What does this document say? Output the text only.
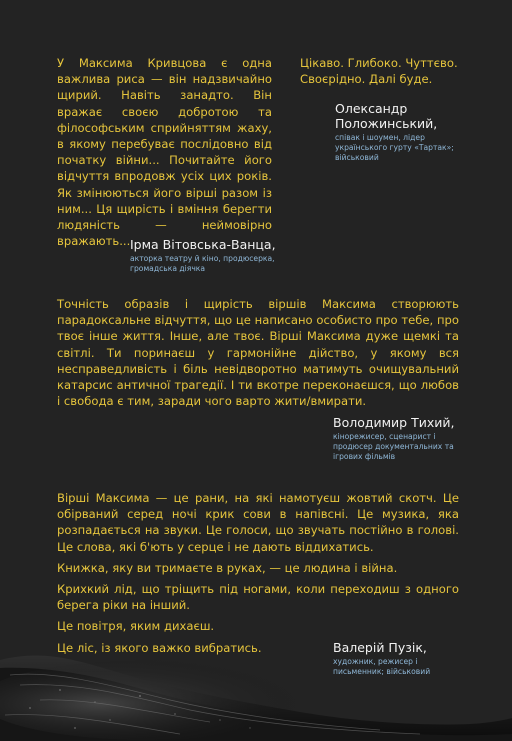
У Максима Кривцова є одна важлива риса — він надзвичайно щирий. Навіть занадто. Він вражає своєю добротою та філософським сприйняттям жаху, в якому перебуває послідовно від початку війни... Почитайте його відчуття впродовж усіх цих років. Як змінюються його вірші разом із ним... Ця щирість і вміння берегти людяність — неймовірно вражають... Ірма Вітовська-Ванца,
акторка театру й кіно, продюсерка, громадська діячка

Цікаво. Глибоко. Чуттєво. Своєрідно. Далі буде.

Олександр
Положинський,
співак і шоумен, лідер українського гурту «Тартак»; військовий

Точність образів і щирість віршів Максима створюють парадоксальне відчуття, що це написано особисто про тебе, про твоє інше життя. Інше, але твоє. Вірші Максима дуже щемкі та світлі. Ти поринаєш у гармонійне дійство, у якому вся несправедливість і біль невідворотно матимуть очищувальний катарсис античної трагедії. І ти вкотре переконаєшся, що любов і свобода є тим, заради чого варто жити/вмирати.

Володимир Тихий,
кінорежисер, сценарист і продюсер документальних та ігрових фільмів

Вірші Максима — це рани, на які намотуєш жовтий скотч. Це обірваний серед ночі крик сови в напівсні. Це музика, яка розпадається на звуки. Це голоси, що звучать постійно в голові. Це слова, які б'ють у серце і не дають віддихатись.

Книжка, яку ви тримаєте в руках, — це людина і війна.

Крихкий лід, що тріщить під ногами, коли переходиш з одного берега ріки на інший.

Це повітря, яким дихаєш.

Це ліс, із якого важко вибратись.	Валерій Пузік,
художник, режисер і письменник; військовий
